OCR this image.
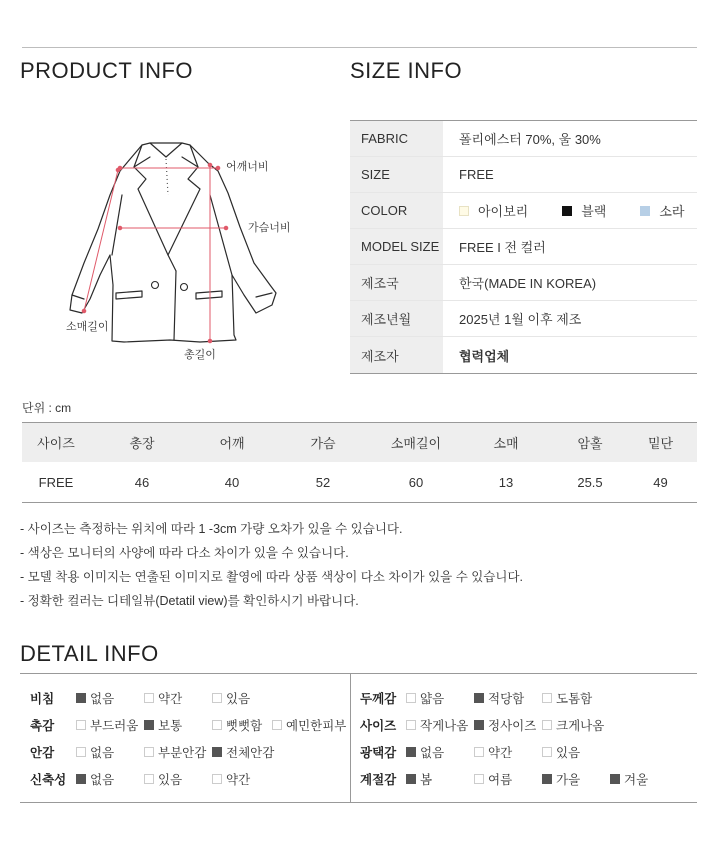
PRODUCT INFO	SIZE INFO
어깨너비
가슴너비
소매길이
총길이
FABRIC	폴리에스터 70%, 울 30%
SIZE	FREE
COLOR	아이보리	블랙	소라
MODEL SIZE	FREE I 전 컬러
제조국	한국(MADE IN KOREA)
제조년월	2025년 1월 이후 제조
제조자	협력업체
단위 : cm
사이즈	총장	어깨	가슴	소매길이	소매	암홀	밑단
FREE	46	40	52	60	13	25.5	49
- 사이즈는 측정하는 위치에 따라 1 -3cm 가량 오차가 있을 수 있습니다.
- 색상은 모니터의 사양에 따라 다소 차이가 있을 수 있습니다.
- 모델 착용 이미지는 연출된 이미지로 촬영에 따라 상품 색상이 다소 차이가 있을 수 있습니다.
- 정확한 컬러는 디테일뷰(Detatil view)를 확인하시기 바랍니다.
DETAIL INFO
비침	없음	약간	있음
촉감	부드러움 보통	뻣뻣함 예민한피부
안감	없음	부분안감 전체안감
신축성	없음	있음	약간
두께감	얇음	적당함	도톰함
사이즈	작게나옴 정사이즈 크게나옴
광택감	없음	약간	있음
계절감	봄	여름	가을	겨울
